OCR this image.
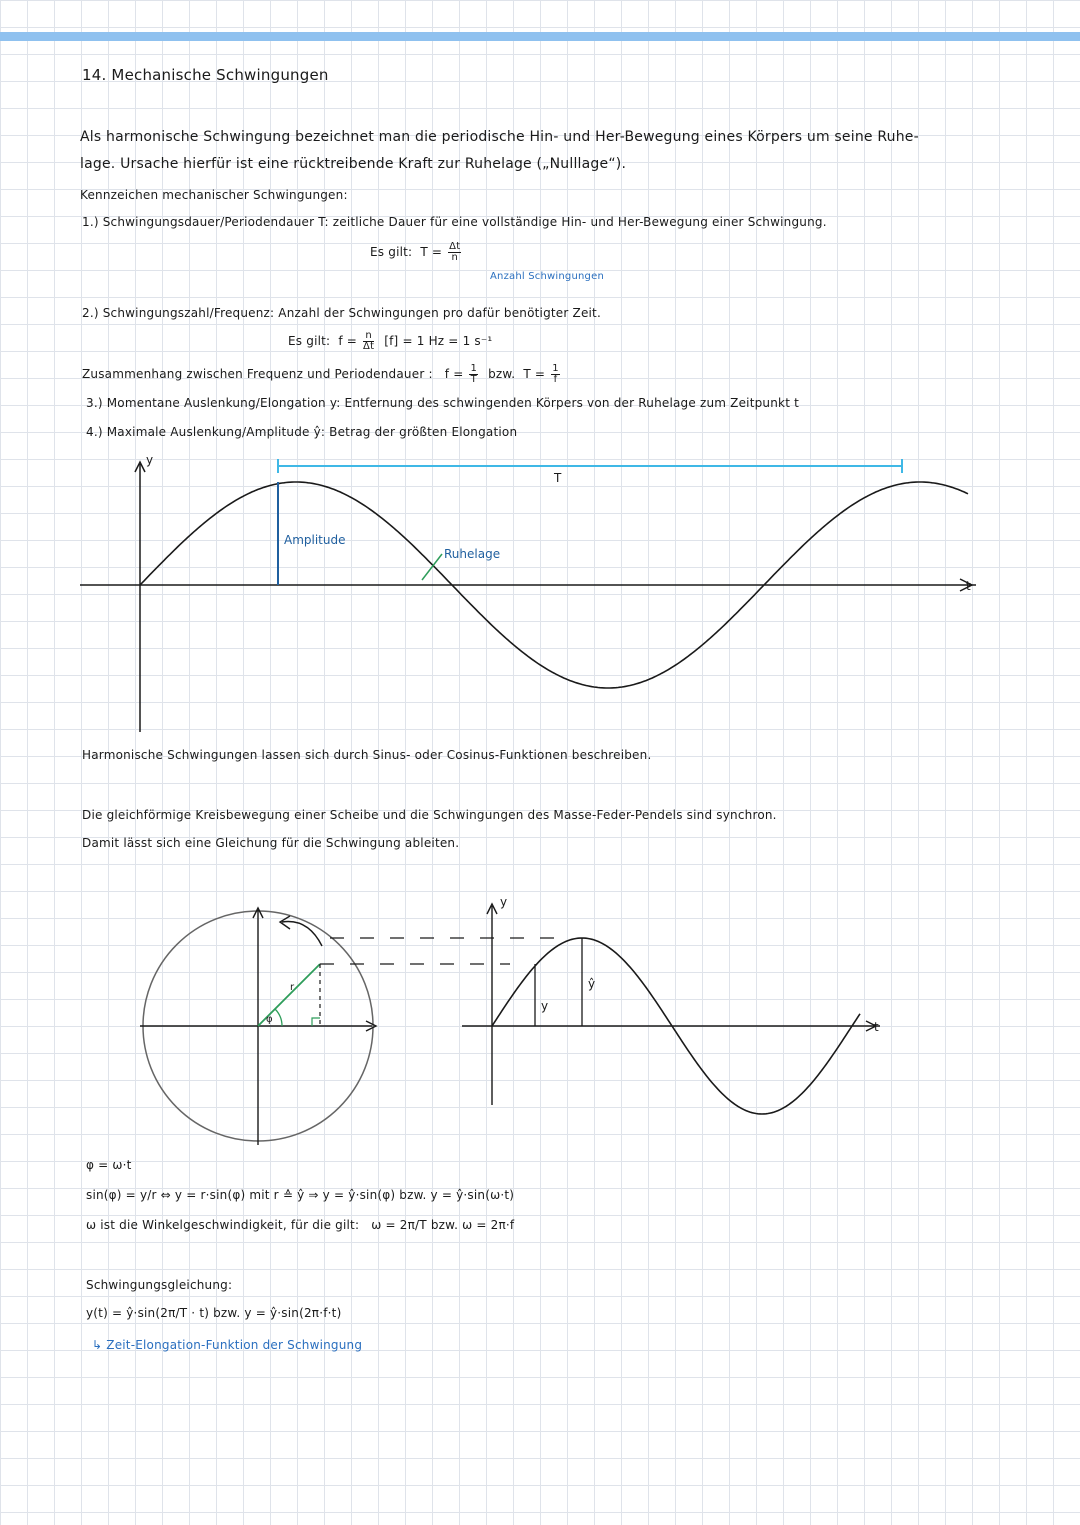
14. Mechanische Schwingungen
Als harmonische Schwingung bezeichnet man die periodische Hin- und Her-Bewegung eines Körpers um seine Ruhe-
lage. Ursache hierfür ist eine rücktreibende Kraft zur Ruhelage („Nulllage“).
Kennzeichen mechanischer Schwingungen:
1.) Schwingungsdauer/Periodendauer T: zeitliche Dauer für eine vollständige Hin- und Her-Bewegung einer Schwingung.
Es gilt: $T = \frac{\Delta t}{n}$
Anzahl Schwingungen
2.) Schwingungszahl/Frequenz: Anzahl der Schwingungen pro dafür benötigter Zeit.
Es gilt: $f = \frac{n}{\Delta t} [f] = 1$ Hz = 1 s⁻¹
Zusammenhang zwischen Frequenz und Periodendauer : $f = \frac{1}{T}$ bzw. $T = \frac{1}{f}$
3.) Momentane Auslenkung/Elongation y: Entfernung des schwingenden Körpers von der Ruhelage zum Zeitpunkt t
4.) Maximale Auslenkung/Amplitude ŷ: Betrag der größten Elongation
y
t
T
Amplitude
Ruhelage
Harmonische Schwingungen lassen sich durch Sinus- oder Cosinus-Funktionen beschreiben.
Die gleichförmige Kreisbewegung einer Scheibe und die Schwingungen des Masse-Feder-Pendels sind synchron.
Damit lässt sich eine Gleichung für die Schwingung ableiten.
r
φ
t
y
y
ŷ
φ = ω·t
sin(φ) = y/r ⇔ y = r·sin(φ) mit r ≙ ŷ ⇒ y = ŷ·sin(φ) bzw. y = ŷ·sin(ω·t)
ω ist die Winkelgeschwindigkeit, für die gilt: ω = 2π/T bzw. ω = 2π·f
Schwingungsgleichung:
y(t) = ŷ·sin(2π/T · t) bzw. y = ŷ·sin(2π·f·t)
↳ Zeit-Elongation-Funktion der Schwingung
